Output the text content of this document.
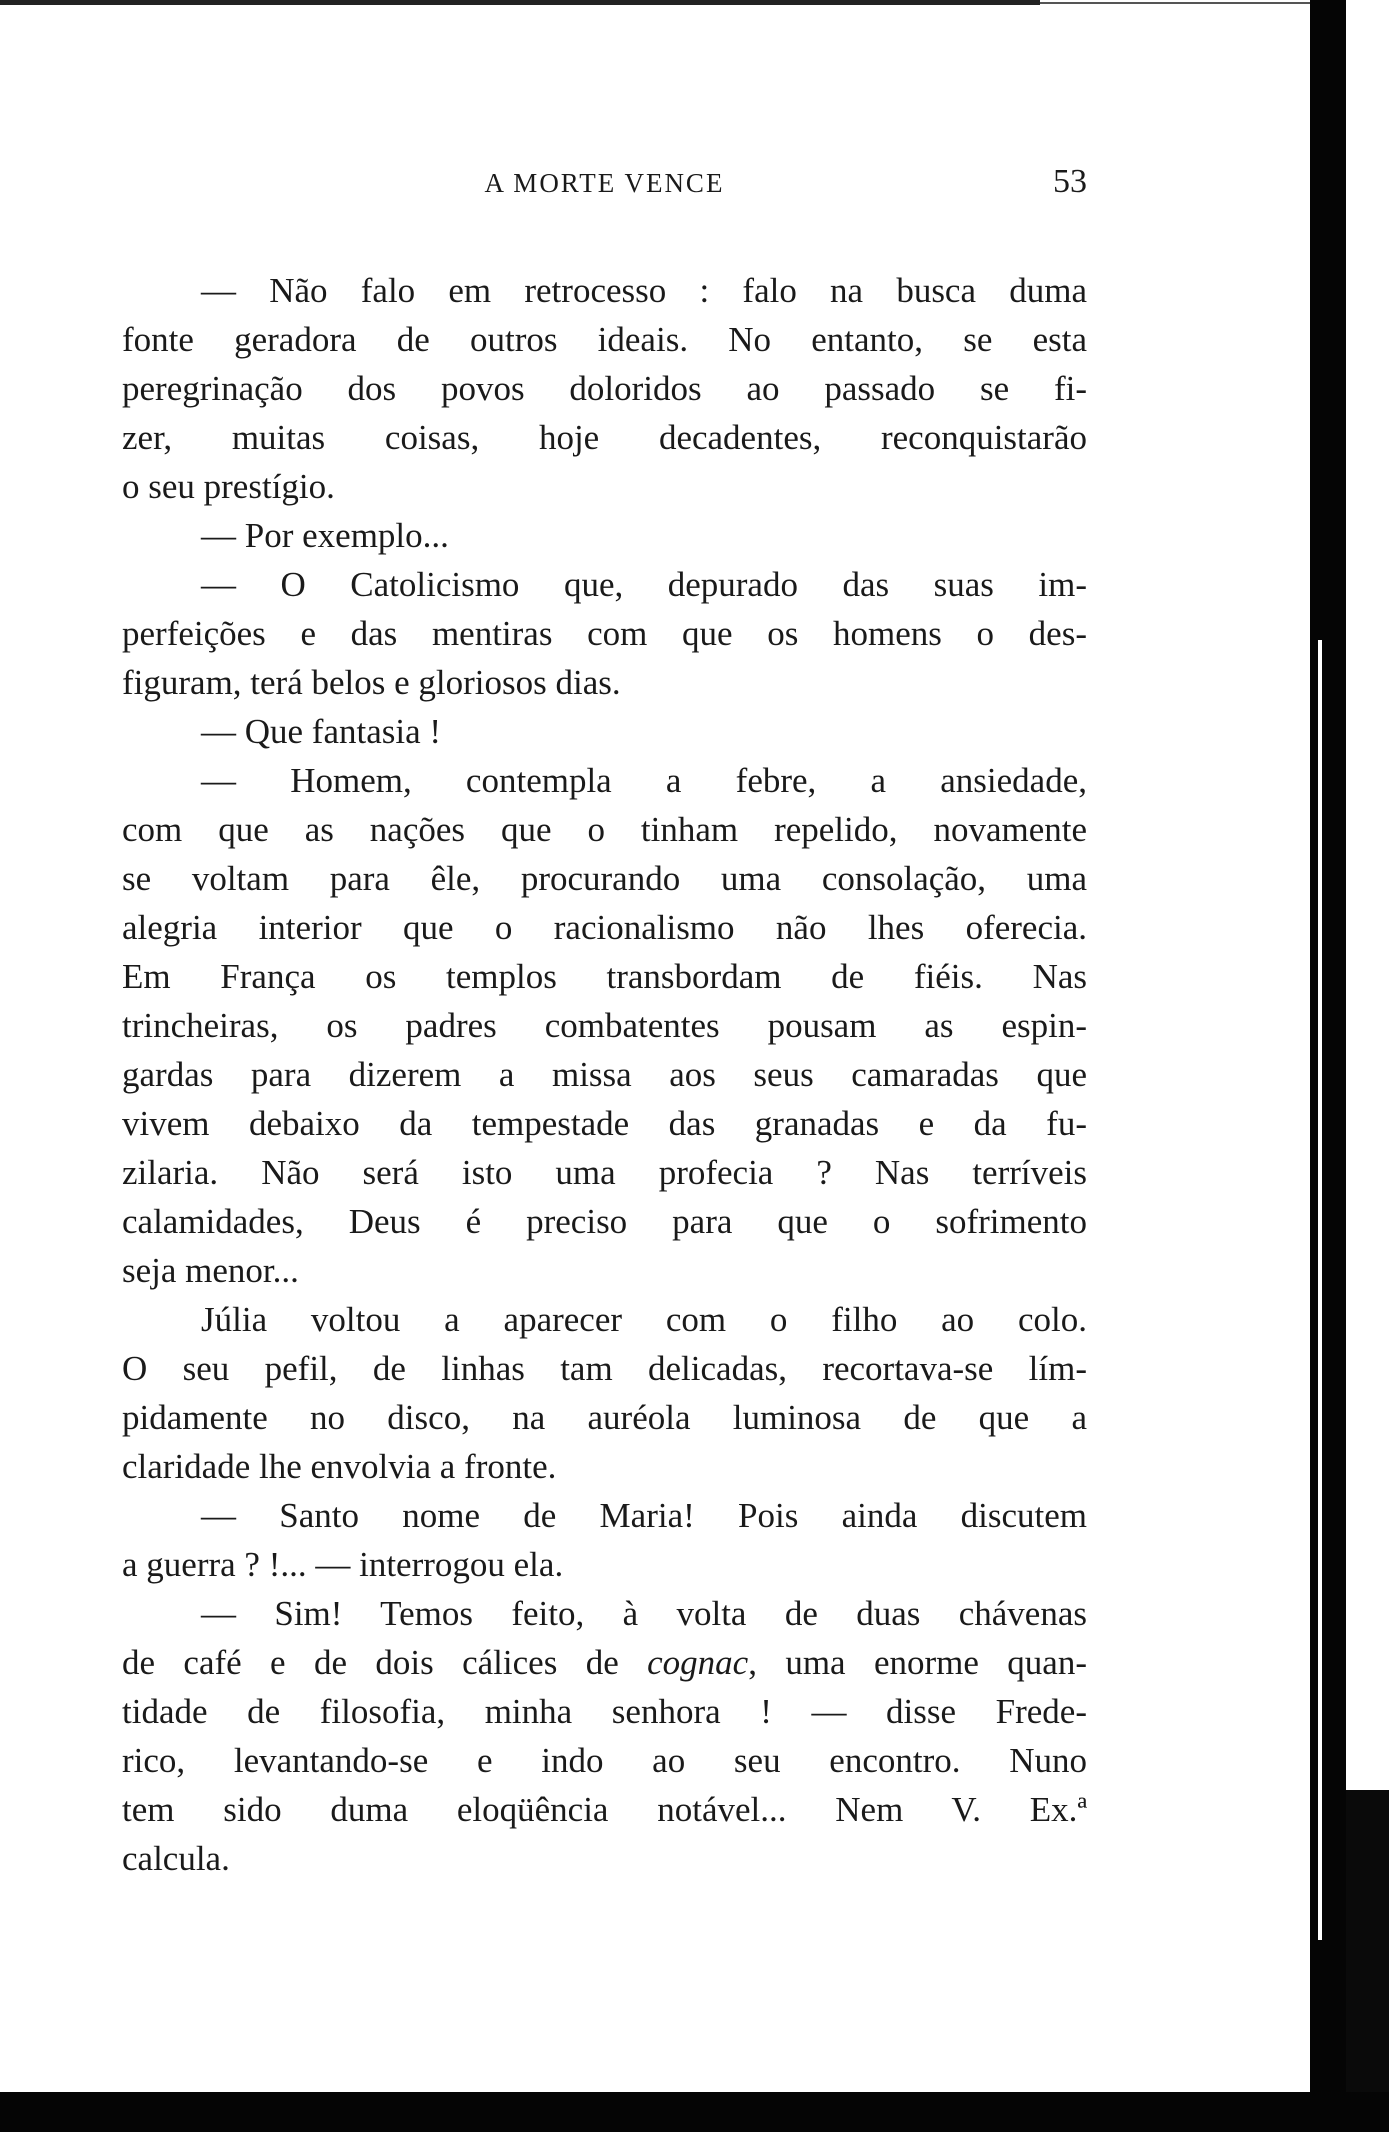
A MORTE VENCE	53
— Não falo em retrocesso : falo na busca duma
fonte geradora de outros ideais. No entanto, se esta
peregrinação dos povos doloridos ao passado se fi-
zer, muitas coisas, hoje decadentes, reconquistarão
o seu prestígio.
— Por exemplo...
— O Catolicismo que, depurado das suas im-
perfeições e das mentiras com que os homens o des-
figuram, terá belos e gloriosos dias.
— Que fantasia !
— Homem, contempla a febre, a ansiedade,
com que as nações que o tinham repelido, novamente
se voltam para êle, procurando uma consolação, uma
alegria interior que o racionalismo não lhes oferecia.
Em França os templos transbordam de fiéis. Nas
trincheiras, os padres combatentes pousam as espin-
gardas para dizerem a missa aos seus camaradas que
vivem debaixo da tempestade das granadas e da fu-
zilaria. Não será isto uma profecia ? Nas terríveis
calamidades, Deus é preciso para que o sofrimento
seja menor...
Júlia voltou a aparecer com o filho ao colo.
O seu pefil, de linhas tam delicadas, recortava-se lím-
pidamente no disco, na auréola luminosa de que a
claridade lhe envolvia a fronte.
— Santo nome de Maria! Pois ainda discutem
a guerra ? !... — interrogou ela.
— Sim! Temos feito, à volta de duas chávenas
de café e de dois cálices de cognac, uma enorme quan-
tidade de filosofia, minha senhora ! — disse Frede-
rico, levantando-se e indo ao seu encontro. Nuno
tem sido duma eloqüência notável... Nem V. Ex.ª
calcula.
